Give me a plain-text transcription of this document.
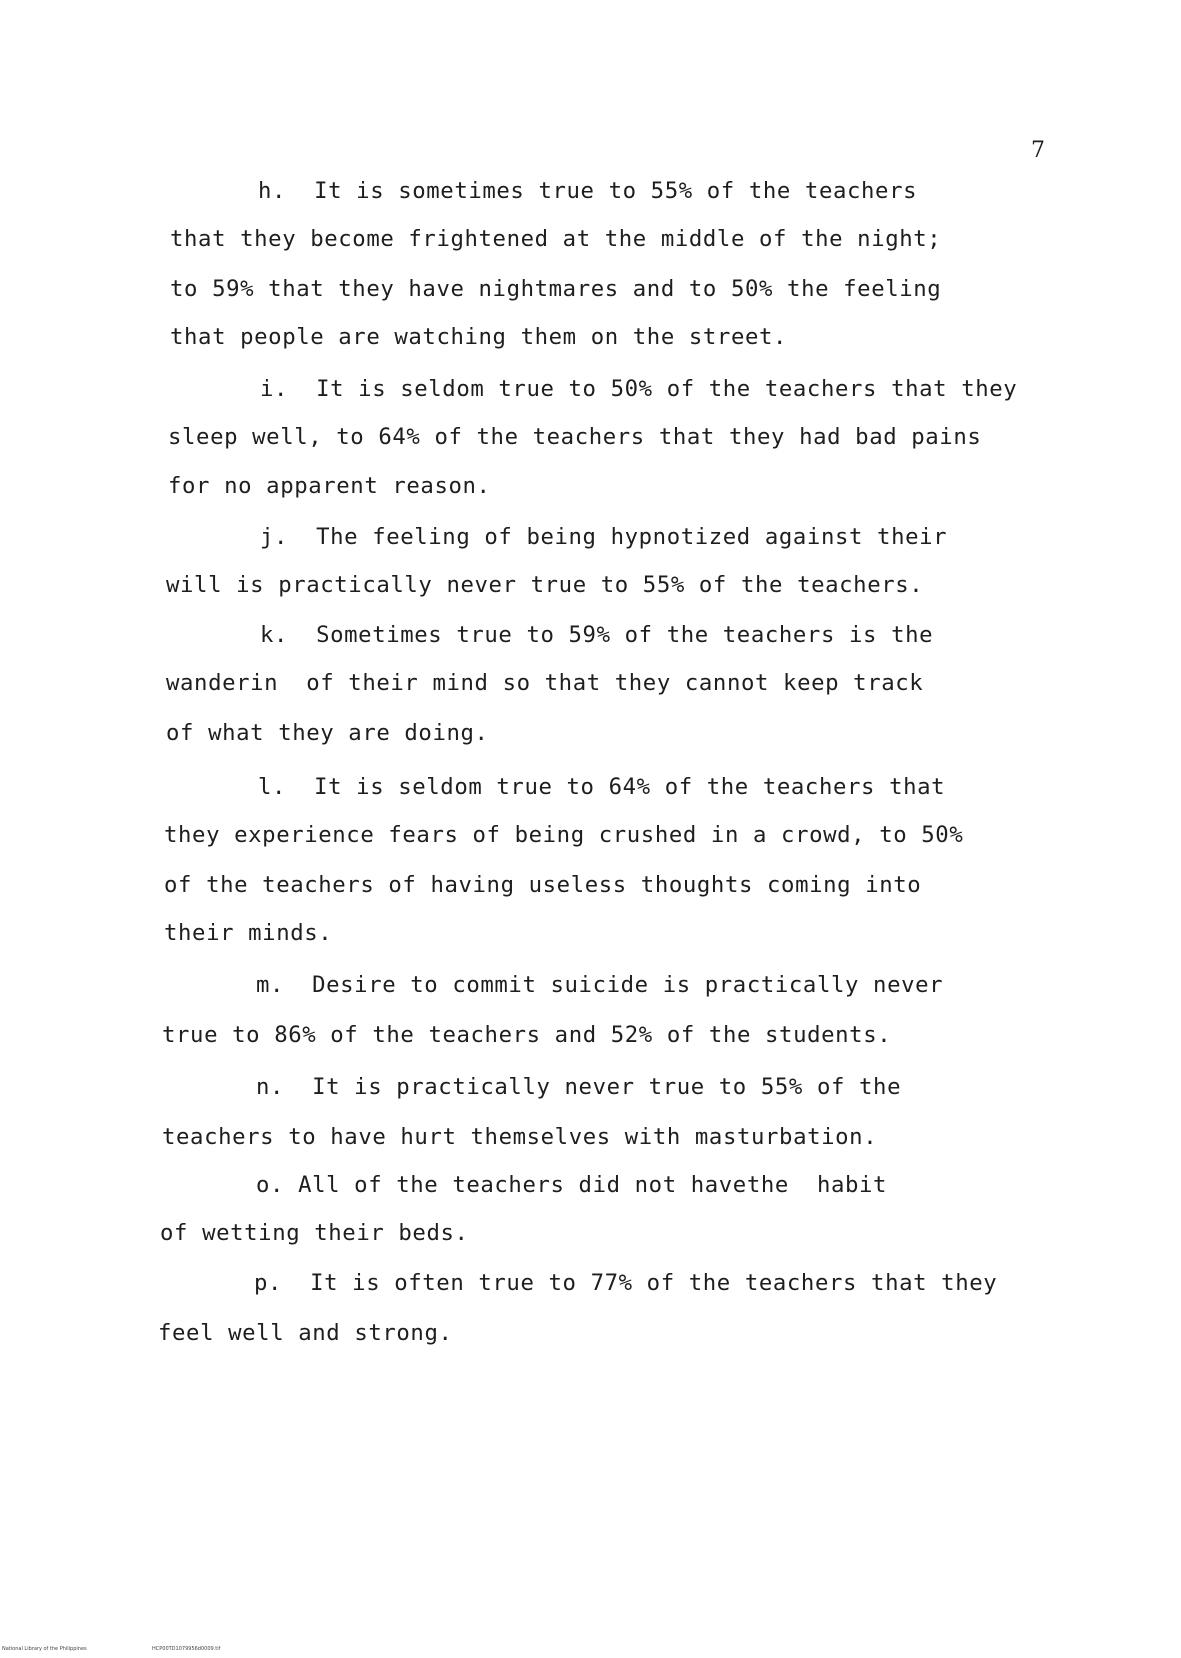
7
h.  It is sometimes true to 55% of the teachers
that they become frightened at the middle of the night;
to 59% that they have nightmares and to 50% the feeling
that people are watching them on the street.
i.  It is seldom true to 50% of the teachers that they
sleep well, to 64% of the teachers that they had bad pains
for no apparent reason.
j.  The feeling of being hypnotized against their
will is practically never true to 55% of the teachers.
k.  Sometimes true to 59% of the teachers is the
wanderin  of their mind so that they cannot keep track
of what they are doing.
l.  It is seldom true to 64% of the teachers that
they experience fears of being crushed in a crowd, to 50%
of the teachers of having useless thoughts coming into
their minds.
m.  Desire to commit suicide is practically never
true to 86% of the teachers and 52% of the students.
n.  It is practically never true to 55% of the
teachers to have hurt themselves with masturbation.
o. All of the teachers did not havethe  habit
of wetting their beds.
p.  It is often true to 77% of the teachers that they
feel well and strong.
National Library of the Philippines	HCP00TD1079956d0009.tif
